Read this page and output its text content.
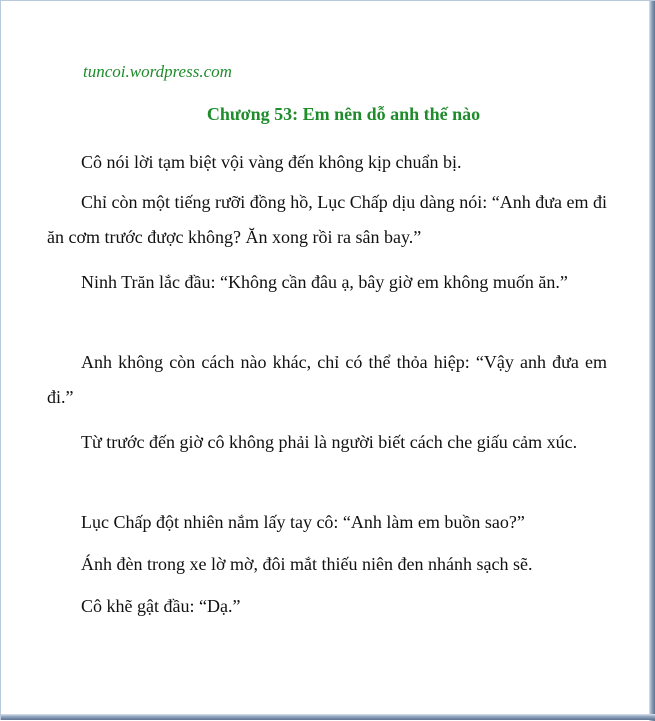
tuncoi.wordpress.com
Chương 53: Em nên dỗ anh thế nào

Cô nói lời tạm biệt vội vàng đến không kịp chuẩn bị.

Chỉ còn một tiếng rưỡi đồng hồ, Lục Chấp dịu dàng nói: “Anh đưa em đi ăn cơm trước được không? Ăn xong rồi ra sân bay.”

Ninh Trăn lắc đầu: “Không cần đâu ạ, bây giờ em không muốn ăn.”

Anh không còn cách nào khác, chỉ có thể thỏa hiệp: “Vậy anh đưa em đi.”

Từ trước đến giờ cô không phải là người biết cách che giấu cảm xúc.

Lục Chấp đột nhiên nắm lấy tay cô: “Anh làm em buồn sao?”

Ánh đèn trong xe lờ mờ, đôi mắt thiếu niên đen nhánh sạch sẽ.

Cô khẽ gật đầu: “Dạ.”
